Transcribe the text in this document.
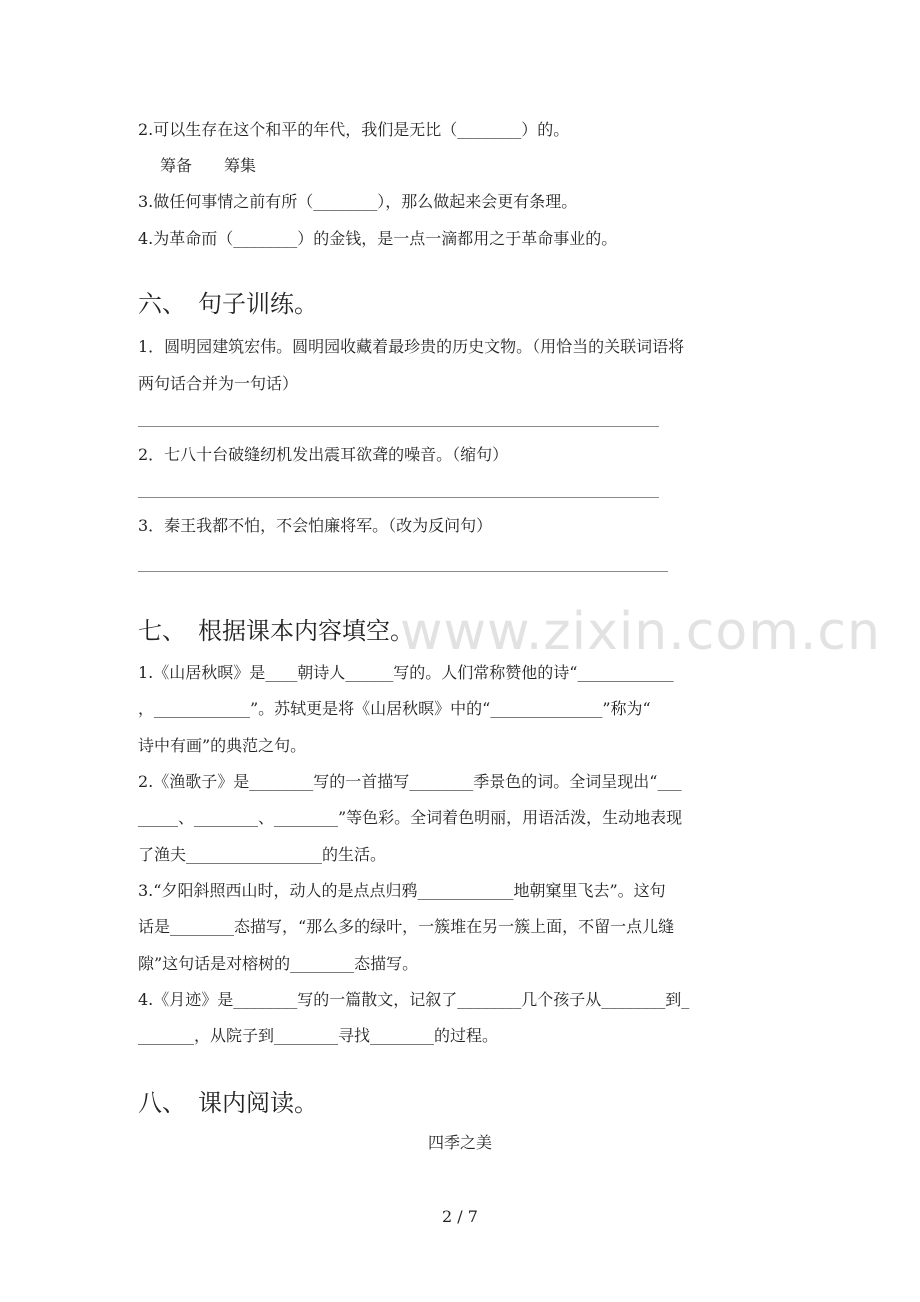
www.zixin.com.cn
2.可以生存在这个和平的年代，我们是无比（________）的。
筹备　　筹集
3.做任何事情之前有所（________），那么做起来会更有条理。
4.为革命而（________）的金钱，是一点一滴都用之于革命事业的。
六、　句子训练。
1．圆明园建筑宏伟。圆明园收藏着最珍贵的历史文物。（用恰当的关联词语将
两句话合并为一句话）
2．七八十台破缝纫机发出震耳欲聋的噪音。（缩句）
3．秦王我都不怕，不会怕廉将军。（改为反问句）
七、　根据课本内容填空。
1.《山居秋暝》是____朝诗人______写的。人们常称赞他的诗“____________
，____________”。苏轼更是将《山居秋暝》中的“______________”称为“
诗中有画”的典范之句。
2.《渔歌子》是________写的一首描写________季景色的词。全词呈现出“___
_____、________、________”等色彩。全词着色明丽，用语活泼，生动地表现
了渔夫_________________的生活。
3.“夕阳斜照西山时，动人的是点点归鸦____________地朝窠里飞去”。这句
话是________态描写，“那么多的绿叶，一簇堆在另一簇上面，不留一点儿缝
隙”这句话是对榕树的________态描写。
4.《月迹》是________写的一篇散文，记叙了________几个孩子从________到_
_______，从院子到________寻找________的过程。
八、　课内阅读。
四季之美
2 / 7
